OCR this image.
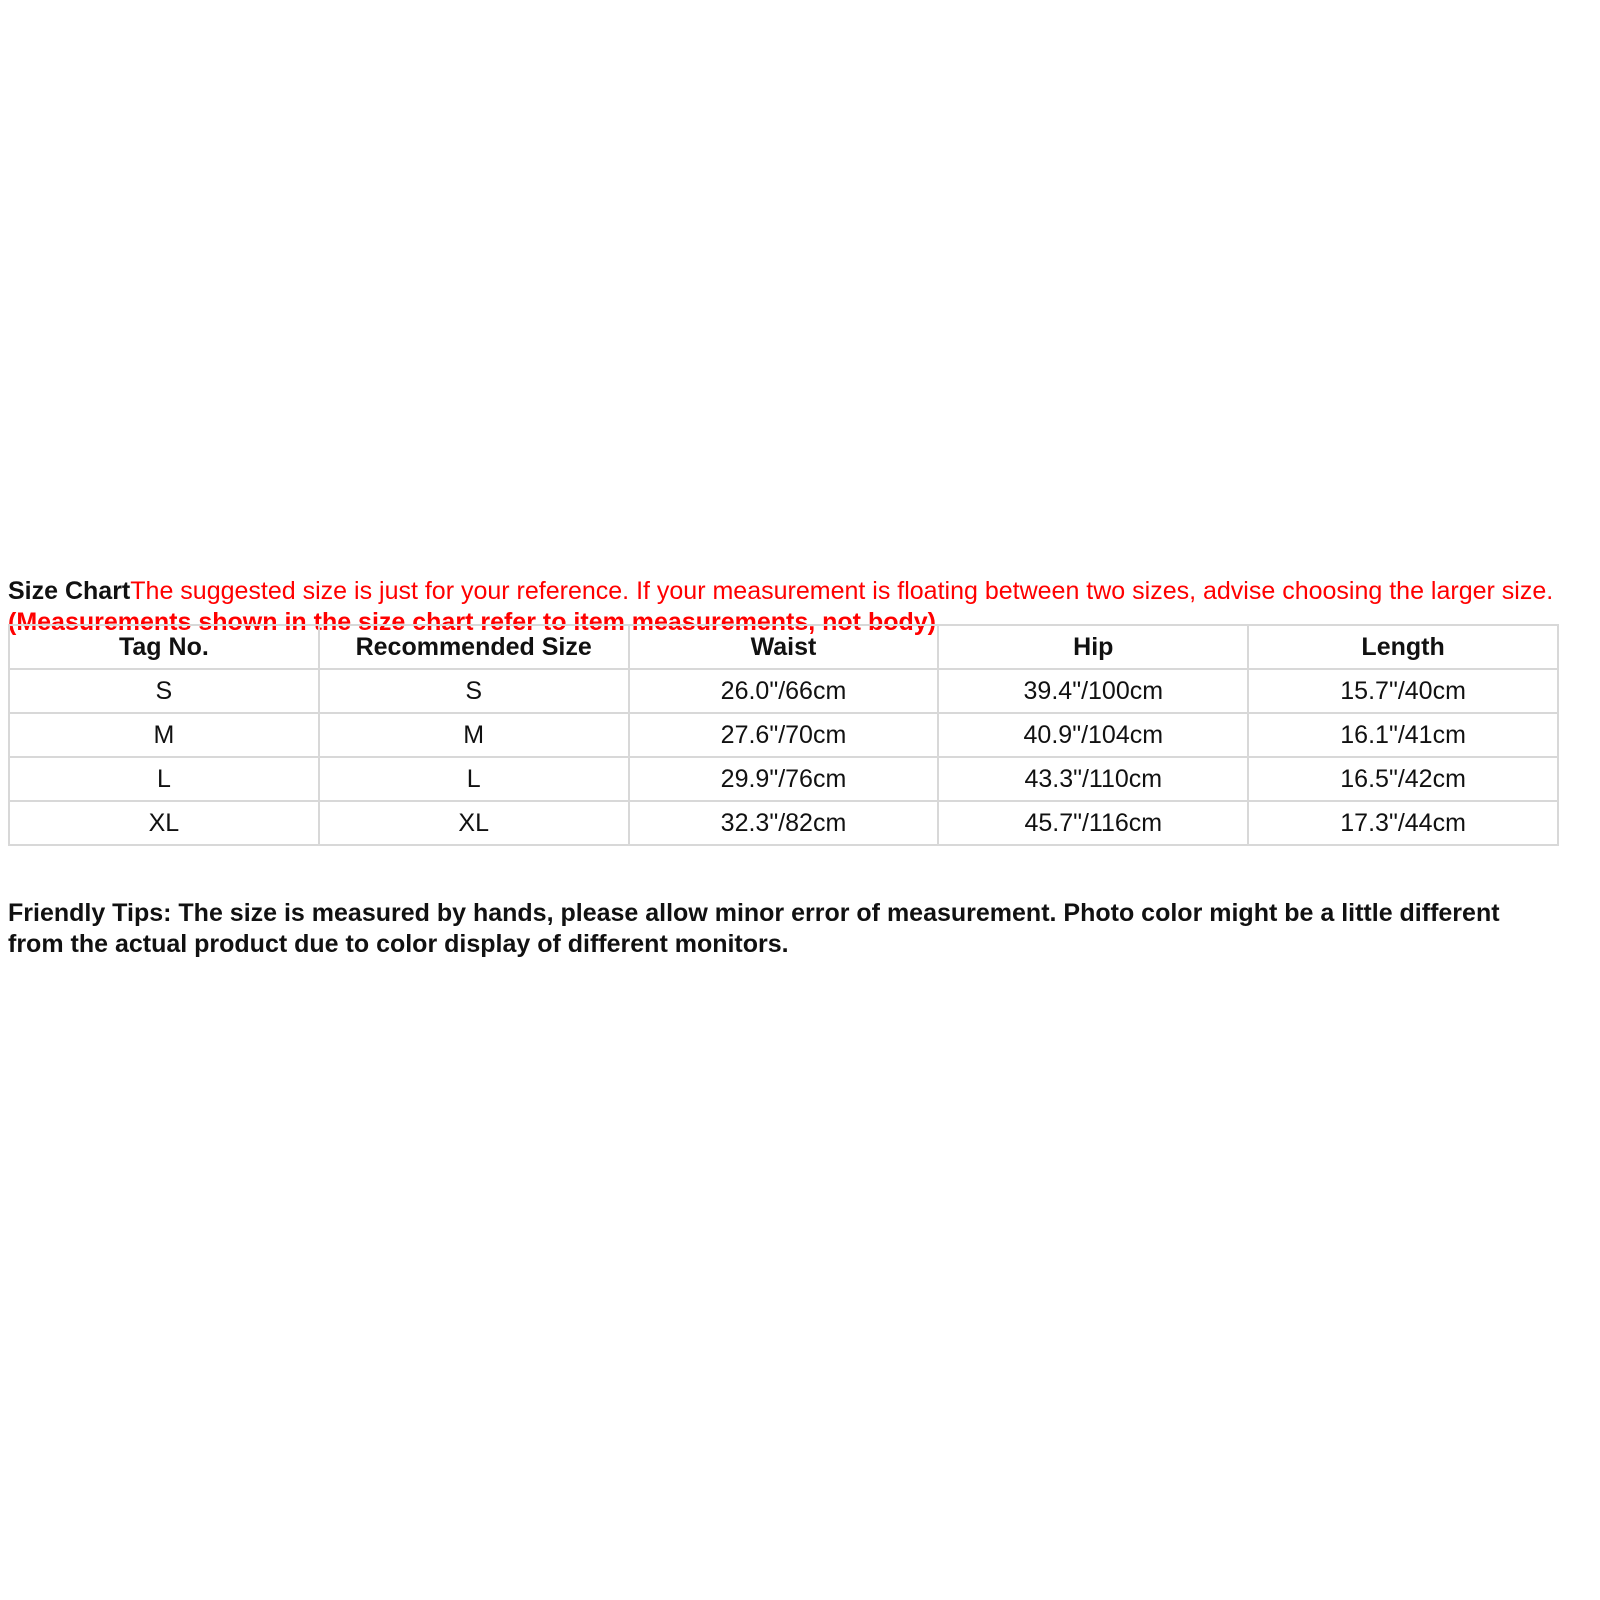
Size ChartThe suggested size is just for your reference. If your measurement is floating between two sizes, advise choosing the larger size. (Measurements shown in the size chart refer to item measurements, not body)
Tag No.	Recommended Size	Waist	Hip	Length
S	S	26.0"/66cm	39.4"/100cm	15.7"/40cm
M	M	27.6"/70cm	40.9"/104cm	16.1"/41cm
L	L	29.9"/76cm	43.3"/110cm	16.5"/42cm
XL	XL	32.3"/82cm	45.7"/116cm	17.3"/44cm
Friendly Tips: The size is measured by hands, please allow minor error of measurement. Photo color might be a little different from the actual product due to color display of different monitors.
